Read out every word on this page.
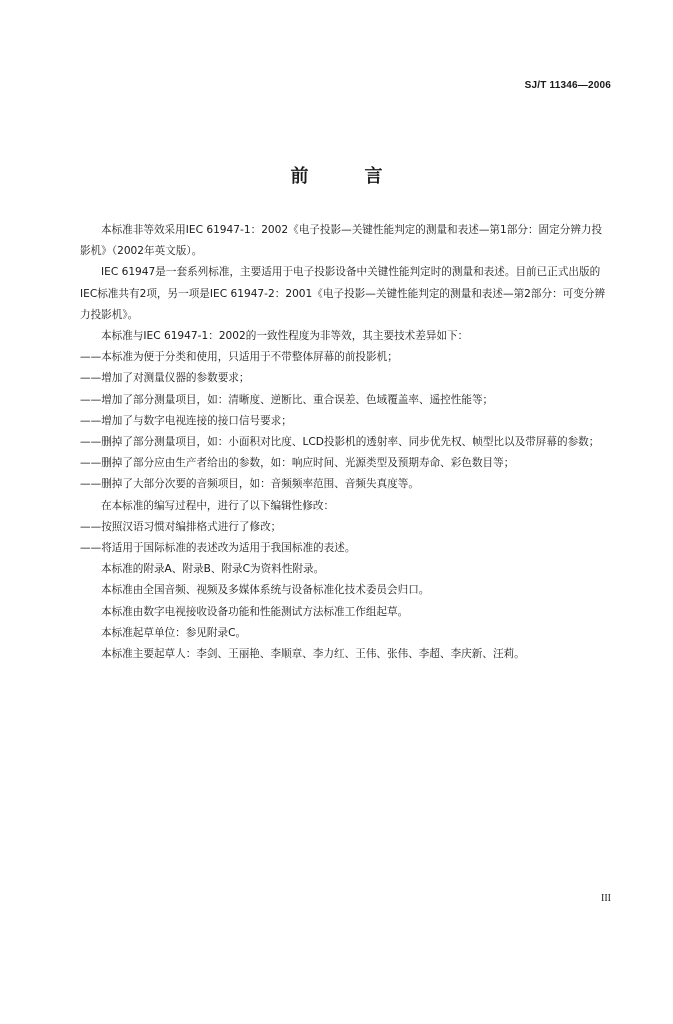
SJ/T 11346—2006
前	言

本标准非等效采用IEC 61947-1：2002《电子投影—关键性能判定的测量和表述—第1部分：固定分辨力投影机》（2002年英文版）。

IEC 61947是一套系列标准，主要适用于电子投影设备中关键性能判定时的测量和表述。目前已正式出版的IEC标准共有2项，另一项是IEC 61947-2：2001《电子投影—关键性能判定的测量和表述—第2部分：可变分辨力投影机》。

本标准与IEC 61947-1：2002的一致性程度为非等效，其主要技术差异如下：

——本标准为便于分类和使用，只适用于不带整体屏幕的前投影机；

——增加了对测量仪器的参数要求；

——增加了部分测量项目，如：清晰度、逆断比、重合误差、色域覆盖率、遥控性能等；

——增加了与数字电视连接的接口信号要求；

——删掉了部分测量项目，如：小面积对比度、LCD投影机的透射率、同步优先权、帧型比以及带屏幕的参数；

——删掉了部分应由生产者给出的参数，如：响应时间、光源类型及预期寿命、彩色数目等；

——删掉了大部分次要的音频项目，如：音频频率范围、音频失真度等。

在本标准的编写过程中，进行了以下编辑性修改：

——按照汉语习惯对编排格式进行了修改；

——将适用于国际标准的表述改为适用于我国标准的表述。

本标准的附录A、附录B、附录C为资料性附录。

本标准由全国音频、视频及多媒体系统与设备标准化技术委员会归口。

本标准由数字电视接收设备功能和性能测试方法标准工作组起草。

本标准起草单位：参见附录C。

本标准主要起草人：李剑、王丽艳、李顺章、李力红、王伟、张伟、李超、李庆新、汪莉。

III
